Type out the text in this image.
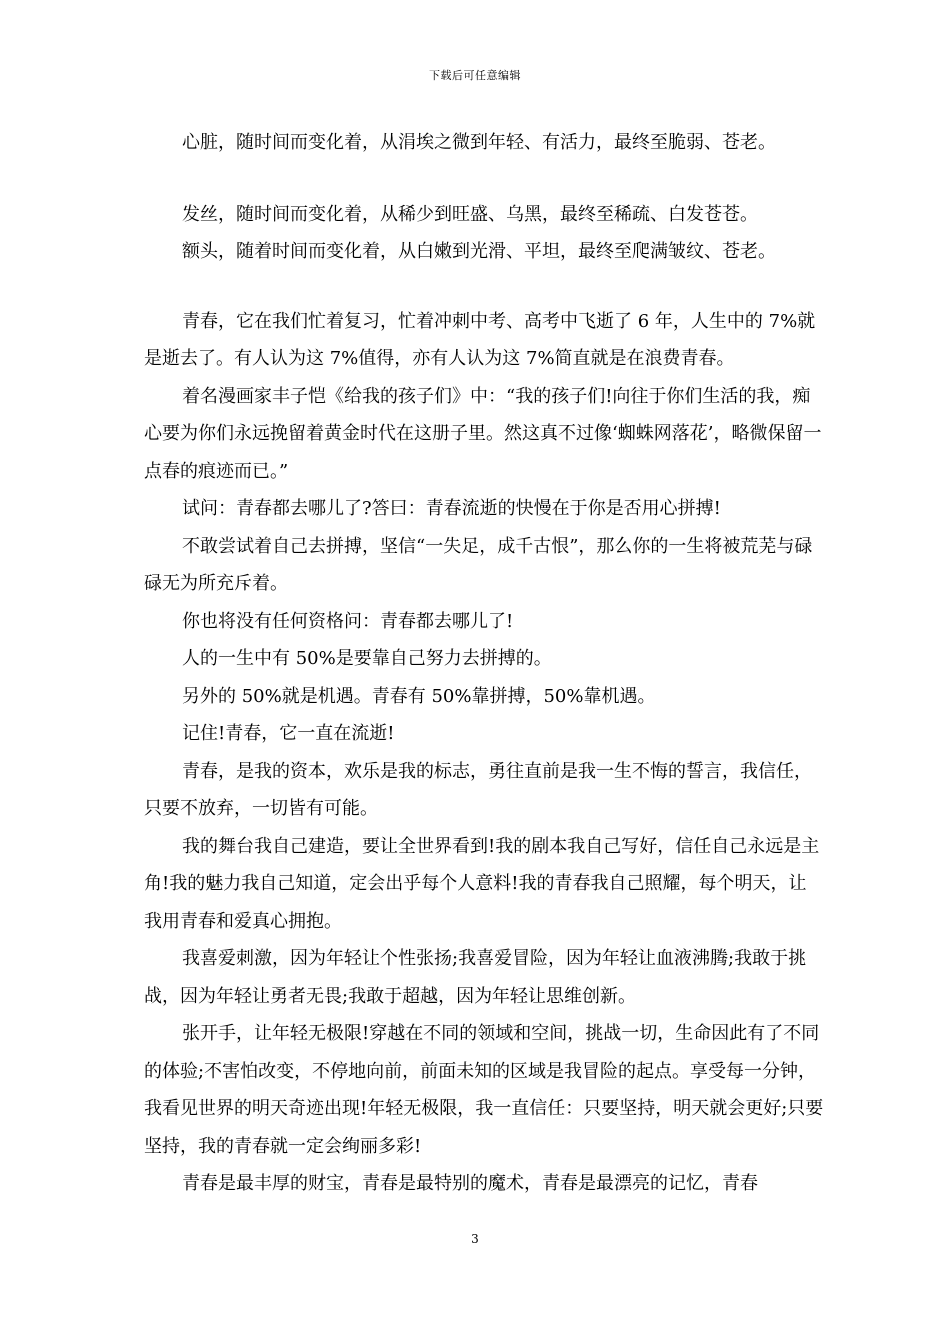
下载后可任意编辑

心脏，随时间而变化着，从涓埃之微到年轻、有活力，最终至脆弱、苍老。

发丝，随时间而变化着，从稀少到旺盛、乌黑，最终至稀疏、白发苍苍。

额头，随着时间而变化着，从白嫩到光滑、平坦，最终至爬满皱纹、苍老。

青春，它在我们忙着复习，忙着冲刺中考、高考中飞逝了 6 年，人生中的 7%就是逝去了。有人认为这 7%值得，亦有人认为这 7%简直就是在浪费青春。

着名漫画家丰子恺《给我的孩子们》中：“我的孩子们!向往于你们生活的我，痴心要为你们永远挽留着黄金时代在这册子里。然这真不过像‘蜘蛛网落花’，略微保留一点春的痕迹而已。”

试问：青春都去哪儿了?答曰：青春流逝的快慢在于你是否用心拼搏!

不敢尝试着自己去拼搏，坚信“一失足，成千古恨”，那么你的一生将被荒芜与碌碌无为所充斥着。

你也将没有任何资格问：青春都去哪儿了!

人的一生中有 50%是要靠自己努力去拼搏的。

另外的 50%就是机遇。青春有 50%靠拼搏，50%靠机遇。

记住!青春，它一直在流逝!

青春，是我的资本，欢乐是我的标志，勇往直前是我一生不悔的誓言，我信任，只要不放弃，一切皆有可能。

我的舞台我自己建造，要让全世界看到!我的剧本我自己写好，信任自己永远是主角!我的魅力我自己知道，定会出乎每个人意料!我的青春我自己照耀，每个明天，让我用青春和爱真心拥抱。

我喜爱刺激，因为年轻让个性张扬;我喜爱冒险，因为年轻让血液沸腾;我敢于挑战，因为年轻让勇者无畏;我敢于超越，因为年轻让思维创新。

张开手，让年轻无极限!穿越在不同的领域和空间，挑战一切，生命因此有了不同的体验;不害怕改变，不停地向前，前面未知的区域是我冒险的起点。享受每一分钟，我看见世界的明天奇迹出现!年轻无极限，我一直信任：只要坚持，明天就会更好;只要坚持，我的青春就一定会绚丽多彩!

青春是最丰厚的财宝，青春是最特别的魔术，青春是最漂亮的记忆，青春

3
